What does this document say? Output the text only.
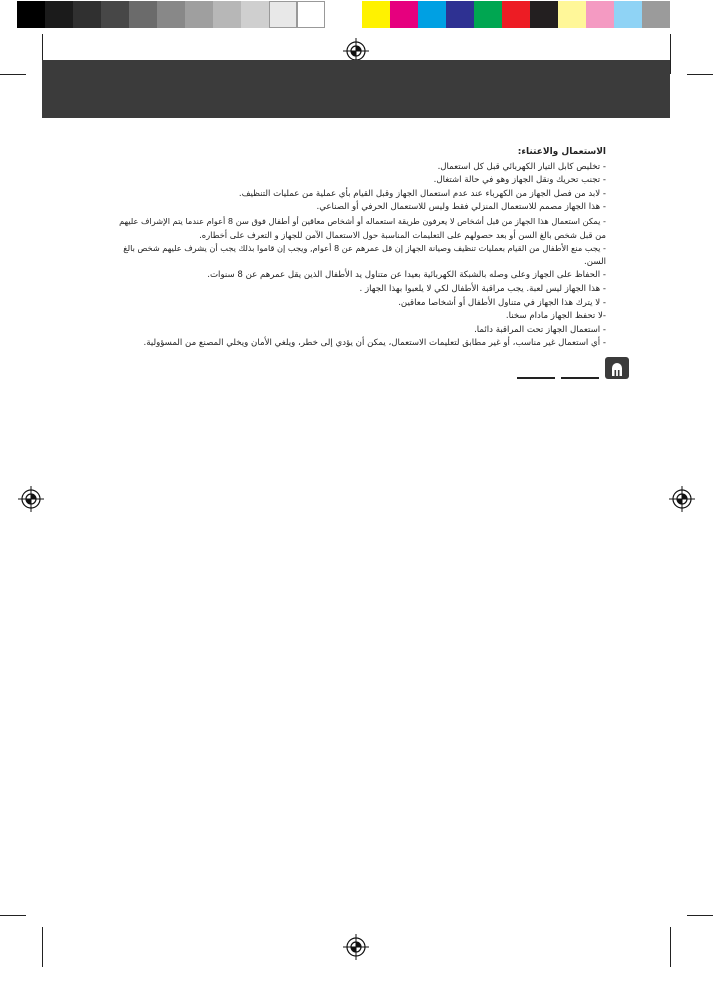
الاستعمال والاعتناء:
- تخليص كابل التيار الكهربائي قبل كل استعمال.
- تجنب تحريك ونقل الجهاز وهو في حالة اشتغال.
- لابد من فصل الجهاز من الكهرباء عند عدم استعمال الجهاز وقبل القيام بأي عملية من عمليات التنظيف.
- هذا الجهاز مصمم للاستعمال المنزلي فقط وليس للاستعمال الحرفي أو الصناعي.
- يمكن استعمال هذا الجهاز من قبل أشخاص لا يعرفون طريقة استعماله أو أشخاص معاقين أو أطفال فوق سن 8 أعوام عندما يتم الإشراف عليهم
من قبل شخص بالغ السن أو بعد حصولهم على التعليمات المناسبة حول الاستعمال الآمن للجهاز و التعرف على أخطاره.
- يجب منع الأطفال من القيام بعمليات تنظيف وصيانة الجهاز إن قل عمرهم عن 8 أعوام, ويجب إن قاموا بذلك يجب أن يشرف عليهم شخص بالغ
السن.
- الحفاظ على الجهاز وعلى وصله بالشبكة الكهربائية بعيدا عن متناول يد الأطفال الذين يقل عمرهم عن 8 سنوات.
- هذا الجهاز ليس لعبة. يجب مراقبة الأطفال لكي لا يلعبوا بهذا الجهاز .
- لا يترك هذا الجهاز في متناول الأطفال أو أشخاصا معاقين.
-لا تحفظ الجهاز مادام سخنا.
- استعمال الجهاز تحت المراقبة دائما.
- أي استعمال غير مناسب، أو غير مطابق لتعليمات الاستعمال، يمكن أن يؤدي إلى خطر، ويلغي الأمان ويخلي المصنع من المسؤولية.
